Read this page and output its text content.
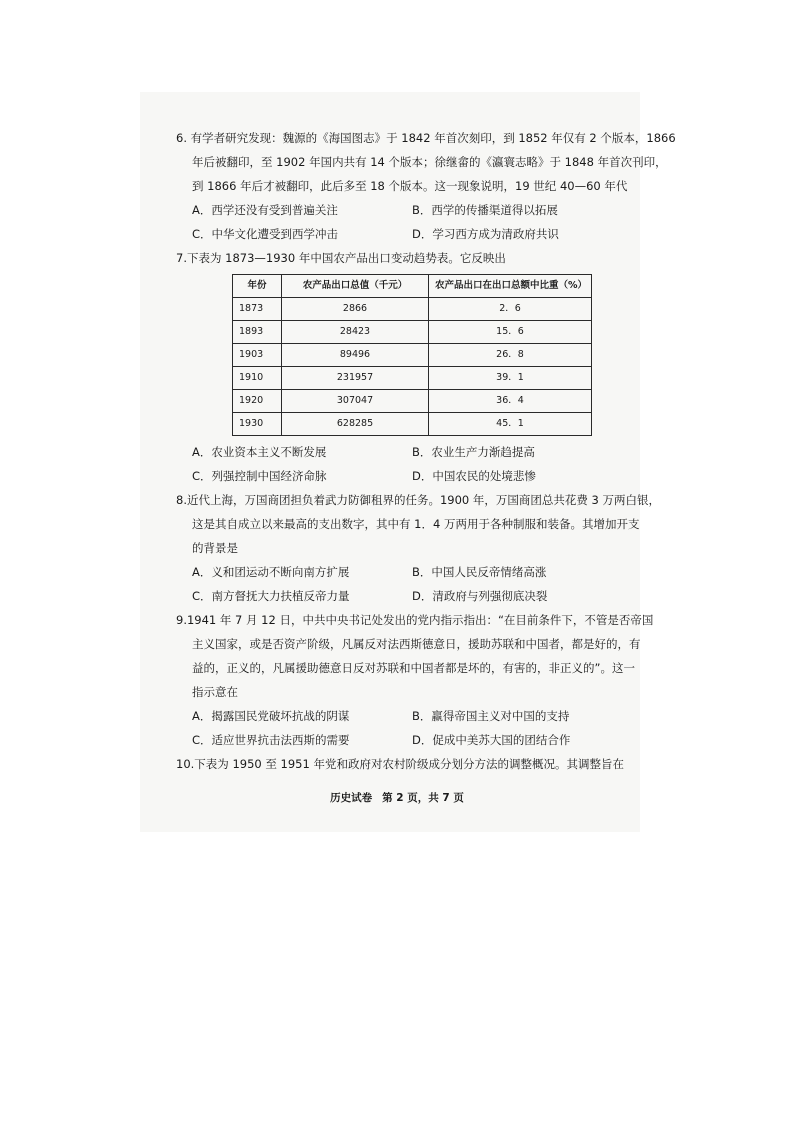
6. 有学者研究发现：魏源的《海国图志》于 1842 年首次刻印，到 1852 年仅有 2 个版本，1866
年后被翻印，至 1902 年国内共有 14 个版本；徐继畲的《瀛寰志略》于 1848 年首次刊印，
到 1866 年后才被翻印，此后多至 18 个版本。这一现象说明，19 世纪 40—60 年代
A．西学还没有受到普遍关注	B．西学的传播渠道得以拓展
C．中华文化遭受到西学冲击	D．学习西方成为清政府共识
7.下表为 1873—1930 年中国农产品出口变动趋势表。它反映出
年份	农产品出口总值（千元）	农产品出口在出口总额中比重（%）
1873	2866	2．6
1893	28423	15．6
1903	89496	26．8
1910	231957	39．1
1920	307047	36．4
1930	628285	45．1
A．农业资本主义不断发展	B．农业生产力渐趋提高
C．列强控制中国经济命脉	D．中国农民的处境悲惨
8.近代上海，万国商团担负着武力防御租界的任务。1900 年，万国商团总共花费 3 万两白银，
这是其自成立以来最高的支出数字，其中有 1．4 万两用于各种制服和装备。其增加开支
的背景是
A．义和团运动不断向南方扩展	B．中国人民反帝情绪高涨
C．南方督抚大力扶植反帝力量	D．清政府与列强彻底决裂
9.1941 年 7 月 12 日，中共中央书记处发出的党内指示指出：“在目前条件下，不管是否帝国
主义国家，或是否资产阶级，凡属反对法西斯德意日，援助苏联和中国者，都是好的，有
益的，正义的，凡属援助德意日反对苏联和中国者都是坏的，有害的，非正义的”。这一
指示意在
A．揭露国民党破坏抗战的阴谋	B．赢得帝国主义对中国的支持
C．适应世界抗击法西斯的需要	D．促成中美苏大国的团结合作
10.下表为 1950 至 1951 年党和政府对农村阶级成分划分方法的调整概况。其调整旨在
历史试卷 第 2 页，共 7 页
